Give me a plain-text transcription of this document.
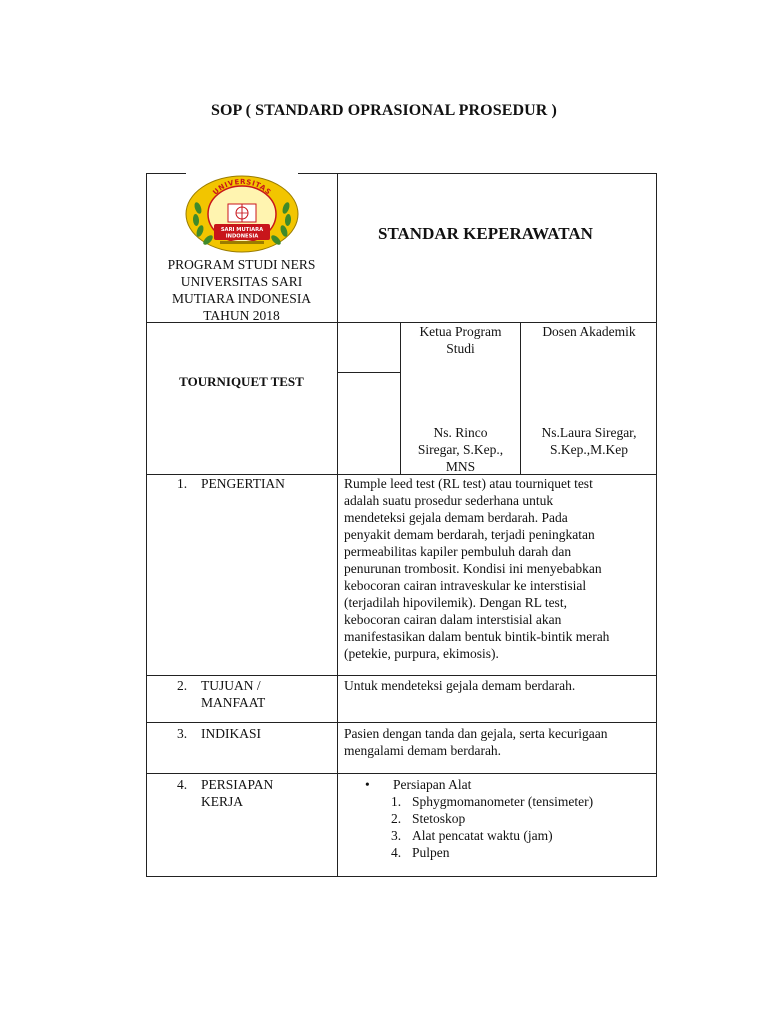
SOP ( STANDARD OPRASIONAL PROSEDUR )
UNIVERSITAS
SARI MUTIARA
INDONESIA
PROGRAM STUDI NERS
UNIVERSITAS SARI
MUTIARA INDONESIA
TAHUN 2018
STANDAR KEPERAWATAN
TOURNIQUET TEST
Ketua Program
Studi
Dosen Akademik
Ns. Rinco
Siregar, S.Kep.,
MNS
Ns.Laura Siregar,
S.Kep.,M.Kep
1. PENGERTIAN	Rumple leed test (RL test) atau tourniquet test
adalah suatu prosedur sederhana untuk
mendeteksi gejala demam berdarah. Pada
penyakit demam berdarah, terjadi peningkatan
permeabilitas kapiler pembuluh darah dan
penurunan trombosit. Kondisi ini menyebabkan
kebocoran cairan intraveskular ke interstisial
(terjadilah hipovilemik). Dengan RL test,
kebocoran cairan dalam interstisial akan
manifestasikan dalam bentuk bintik-bintik merah
(petekie, purpura, ekimosis).
2. TUJUAN /
MANFAAT
Untuk mendeteksi gejala demam berdarah.
3. INDIKASI	Pasien dengan tanda dan gejala, serta kecurigaan
mengalami demam berdarah.
4. PERSIAPAN
KERJA
• Persiapan Alat
1. Sphygmomanometer (tensimeter)
2. Stetoskop
3. Alat pencatat waktu (jam)
4. Pulpen
